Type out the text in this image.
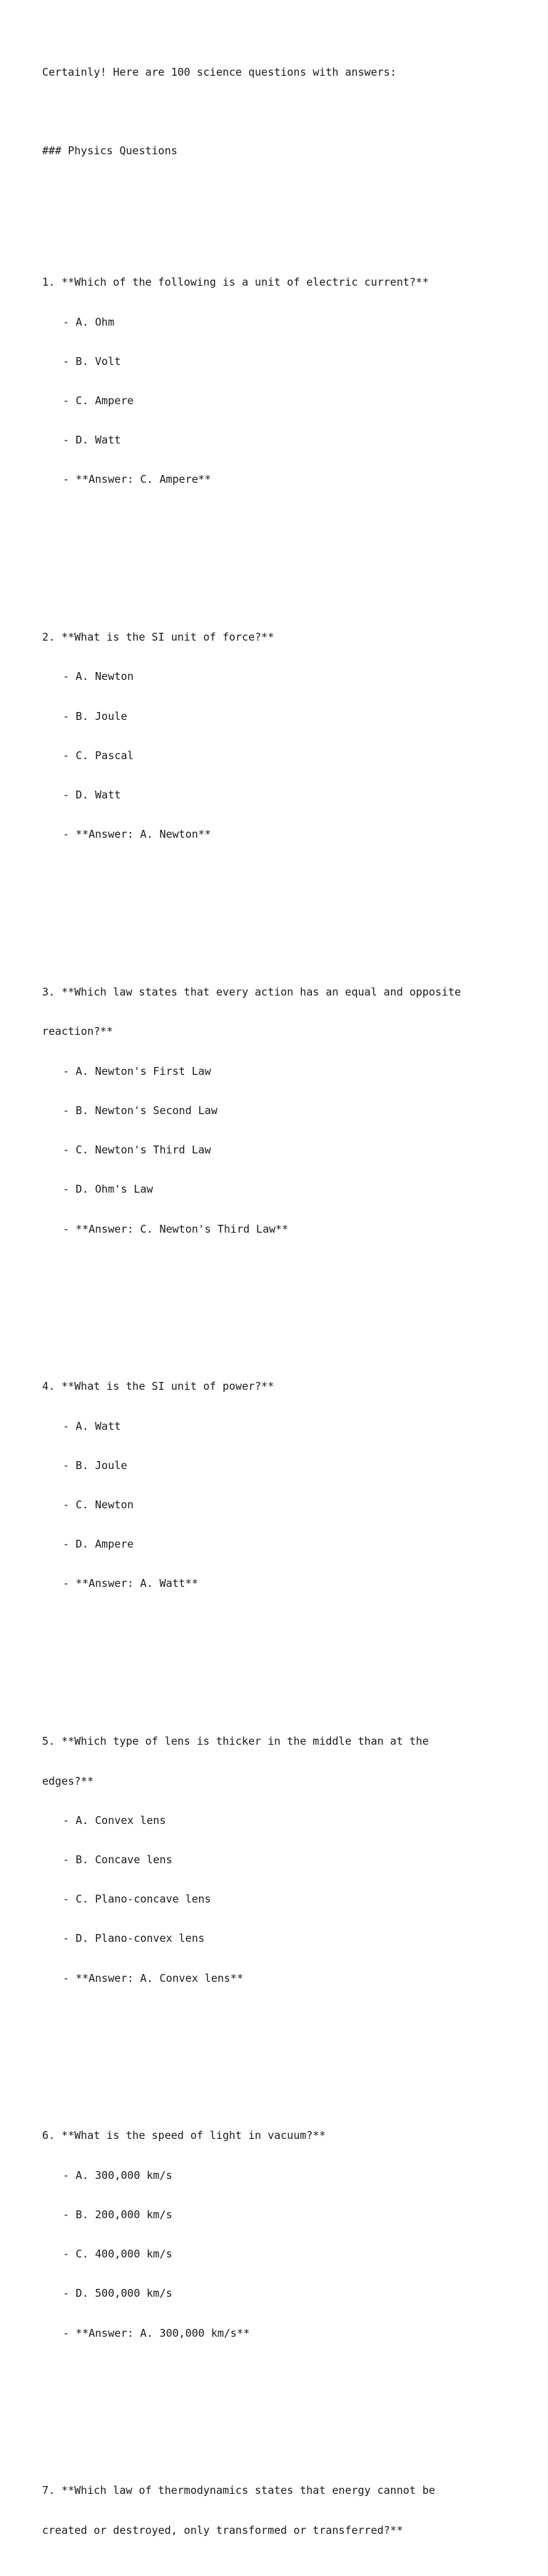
Certainly! Here are 100 science questions with answers:

### Physics Questions

1. **Which of the following is a unit of electric current?**

- A. Ohm

- B. Volt

- C. Ampere

- D. Watt

- **Answer: C. Ampere**

2. **What is the SI unit of force?**

- A. Newton

- B. Joule

- C. Pascal

- D. Watt

- **Answer: A. Newton**

3. **Which law states that every action has an equal and opposite

reaction?**

- A. Newton's First Law

- B. Newton's Second Law

- C. Newton's Third Law

- D. Ohm's Law

- **Answer: C. Newton's Third Law**

4. **What is the SI unit of power?**

- A. Watt

- B. Joule

- C. Newton

- D. Ampere

- **Answer: A. Watt**

5. **Which type of lens is thicker in the middle than at the

edges?**

- A. Convex lens

- B. Concave lens

- C. Plano-concave lens

- D. Plano-convex lens

- **Answer: A. Convex lens**

6. **What is the speed of light in vacuum?**

- A. 300,000 km/s

- B. 200,000 km/s

- C. 400,000 km/s

- D. 500,000 km/s

- **Answer: A. 300,000 km/s**

7. **Which law of thermodynamics states that energy cannot be

created or destroyed, only transformed or transferred?**
